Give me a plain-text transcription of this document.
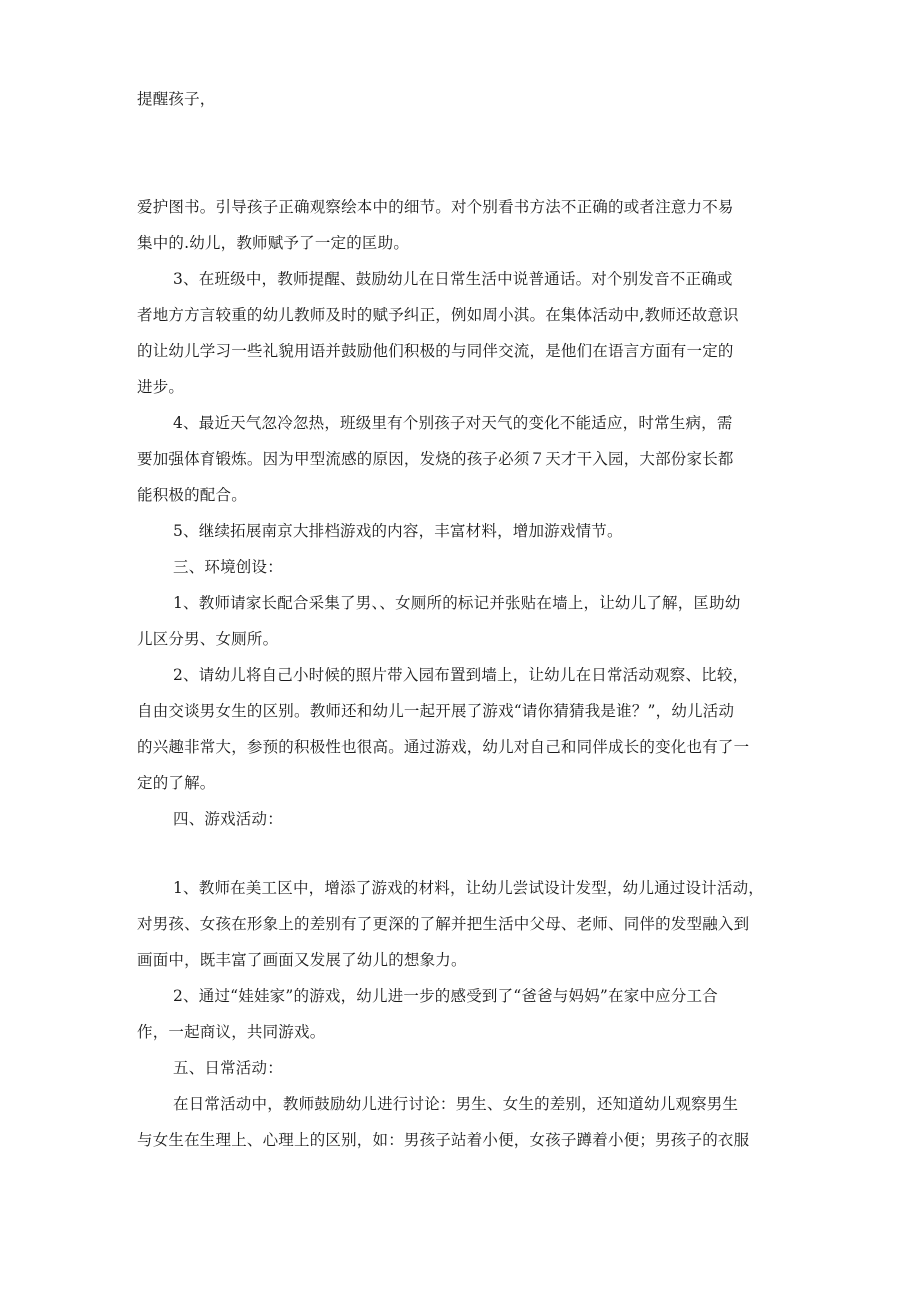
提醒孩子，
爱护图书。引导孩子正确观察绘本中的细节。对个别看书方法不正确的或者注意力不易
集中的.幼儿，教师赋予了一定的匡助。
3、在班级中，教师提醒、鼓励幼儿在日常生活中说普通话。对个别发音不正确或
者地方方言较重的幼儿教师及时的赋予纠正，例如周小淇。在集体活动中,教师还故意识
的让幼儿学习一些礼貌用语并鼓励他们积极的与同伴交流，是他们在语言方面有一定的
进步。
4、最近天气忽冷忽热，班级里有个别孩子对天气的变化不能适应，时常生病，需
要加强体育锻炼。因为甲型流感的原因，发烧的孩子必须７天才干入园，大部份家长都
能积极的配合。
5、继续拓展南京大排档游戏的内容，丰富材料，增加游戏情节。
三、环境创设：
1、教师请家长配合采集了男、、女厕所的标记并张贴在墙上，让幼儿了解，匡助幼
儿区分男、女厕所。
2、请幼儿将自己小时候的照片带入园布置到墙上，让幼儿在日常活动观察、比较，
自由交谈男女生的区别。教师还和幼儿一起开展了游戏“请你猜猜我是谁？”，幼儿活动
的兴趣非常大，参预的积极性也很高。通过游戏，幼儿对自己和同伴成长的变化也有了一
定的了解。
四、游戏活动：
1、教师在美工区中，增添了游戏的材料，让幼儿尝试设计发型，幼儿通过设计活动，
对男孩、女孩在形象上的差别有了更深的了解并把生活中父母、老师、同伴的发型融入到
画面中，既丰富了画面又发展了幼儿的想象力。
2、通过“娃娃家”的游戏，幼儿进一步的感受到了“爸爸与妈妈”在家中应分工合
作，一起商议，共同游戏。
五、日常活动：
在日常活动中，教师鼓励幼儿进行讨论：男生、女生的差别，还知道幼儿观察男生
与女生在生理上、心理上的区别，如：男孩子站着小便，女孩子蹲着小便；男孩子的衣服
